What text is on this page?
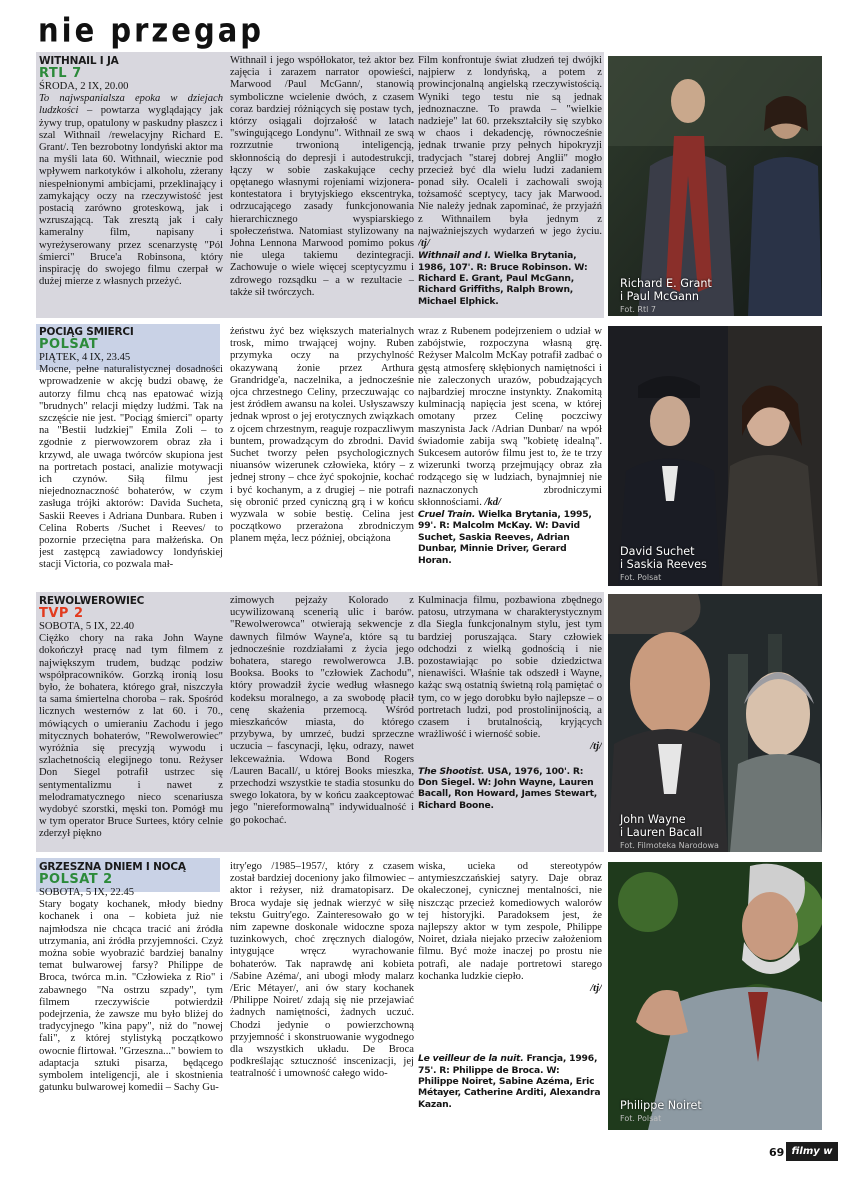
nie przegap
WITHNAIL I JA
RTL 7
ŚRODA, 2 IX, 20.00

To najwspanialsza epoka w dziejach ludzkości – powtarza wyglądający jak żywy trup, opatulony w paskudny płaszcz i szal Withnail /rewelacyjny Richard E. Grant/. Ten bezrobotny londyński aktor ma na myśli lata 60. Withnail, wiecznie pod wpływem narkotyków i alkoholu, zżerany niespełnionymi ambicjami, przeklinający i zamykający oczy na rzeczywistość jest postacią zarówno groteskową, jak i wzruszającą. Tak zresztą jak i cały kameralny film, napisany i wyreżyserowany przez scenarzystę "Pól śmierci" Bruce'a Robinsona, który inspirację do swojego filmu czerpał w dużej mierze z własnych przeżyć.

Withnail i jego współlokator, też aktor bez zajęcia i zarazem narrator opowieści, Marwood /Paul McGann/, stanowią symboliczne wcielenie dwóch, z czasem coraz bardziej różniących się postaw tych, którzy osiągali dojrzałość w latach "swingującego Londynu". Withnail ze swą rozrzutnie trwonioną inteligencją, skłonnością do depresji i autodestrukcji, łączy w sobie zaskakujące cechy opętanego własnymi rojeniami wizjonera-kontestatora i brytyjskiego ekscentryka, odrzucającego zasady funkcjonowania hierarchicznego wyspiarskiego społeczeństwa. Natomiast stylizowany na Johna Lennona Marwood pomimo pokus nie ulega takiemu dezintegracji. Zachowuje o wiele więcej sceptycyzmu i zdrowego rozsądku – a w rezultacie – także sił twórczych.

Film konfrontuje świat złudzeń tej dwójki najpierw z londyńską, a potem z prowincjonalną angielską rzeczywistością. Wyniki tego testu nie są jednak jednoznaczne. To prawda – "wielkie nadzieje" lat 60. przekształciły się szybko w chaos i dekadencję, równocześnie jednak trwanie przy pełnych hipokryzji tradycjach "starej dobrej Anglii" mogło przecież być dla wielu ludzi zadaniem ponad siły. Ocaleli i zachowali swoją tożsamość sceptycy, tacy jak Marwood. Nie należy jednak zapominać, że przyjaźń z Withnailem była jednym z najważniejszych wydarzeń w jego życiu. /tj/

Withnail and I. Wielka Brytania, 1986, 107'. R: Bruce Robinson. W: Richard E. Grant, Paul McGann, Richard Griffiths, Ralph Brown, Michael Elphick.

Richard E. Grant
i Paul McGann
Fot. Rtl 7
POCIĄG ŚMIERCI
POLSAT
PIĄTEK, 4 IX, 23.45

Mocne, pełne naturalistycznej dosadności wprowadzenie w akcję budzi obawę, że autorzy filmu chcą nas epatować wizją "brudnych" relacji między ludźmi. Tak na szczęście nie jest. "Pociąg śmierci" oparty na "Bestii ludzkiej" Emila Zoli – to zgodnie z pierwowzorem obraz zła i krzywd, ale uwaga twórców skupiona jest na portretach postaci, analizie motywacji ich czynów. Siłą filmu jest niejednoznaczność bohaterów, w czym zasługa trójki aktorów: Davida Sucheta, Saskii Reeves i Adriana Dunbara. Ruben i Celina Roberts /Suchet i Reeves/ to pozornie przeciętna para małżeńska. On jest zastępcą zawiadowcy londyńskiej stacji Victoria, co pozwala mał-

żeństwu żyć bez większych materialnych trosk, mimo trwającej wojny. Ruben przymyka oczy na przychylność okazywaną żonie przez Arthura Grandridge'a, naczelnika, a jednocześnie ojca chrzestnego Celiny, przeczuwając co jest źródłem awansu na kolei. Usłyszawszy jednak wprost o jej erotycznych związkach z ojcem chrzestnym, reaguje rozpaczliwym buntem, prowadzącym do zbrodni. David Suchet tworzy pełen psychologicznych niuansów wizerunek człowieka, który – z jednej strony – chce żyć spokojnie, kochać i być kochanym, a z drugiej – nie potrafi się obronić przed cyniczną grą i w końcu wyzwala w sobie bestię. Celina jest początkowo przerażona zbrodniczym planem męża, lecz później, obciążona

wraz z Rubenem podejrzeniem o udział w zabójstwie, rozpoczyna własną grę. Reżyser Malcolm McKay potrafił zadbać o gęstą atmosferę skłębionych namiętności i nie zaleczonych urazów, pobudzających najbardziej mroczne instynkty. Znakomitą kulminacją napięcia jest scena, w której omotany przez Celinę poczciwy maszynista Jack /Adrian Dunbar/ na wpół świadomie zabija swą "kobietę idealną". Sukcesem autorów filmu jest to, że te trzy wizerunki tworzą przejmujący obraz zła rodzącego się w ludziach, bynajmniej nie naznaczonych zbrodniczymi skłonnościami. /kd/

Cruel Train. Wielka Brytania, 1995, 99'. R: Malcolm McKay. W: David Suchet, Saskia Reeves, Adrian Dunbar, Minnie Driver, Gerard Horan.

David Suchet
i Saskia Reeves
Fot. Polsat
REWOLWEROWIEC
TVP 2
SOBOTA, 5 IX, 22.40

Ciężko chory na raka John Wayne dokończył pracę nad tym filmem z największym trudem, budząc podziw współpracowników. Gorzką ironią losu było, że bohatera, którego grał, niszczyła ta sama śmiertelna choroba – rak. Spośród licznych westernów z lat 60. i 70., mówiących o umieraniu Zachodu i jego mitycznych bohaterów, "Rewolwerowiec" wyróżnia się precyzją wywodu i szlachetnością elegijnego tonu. Reżyser Don Siegel potrafił ustrzec się sentymentalizmu i nawet z melodramatycznego nieco scenariusza wydobyć szorstki, męski ton. Pomógł mu w tym operator Bruce Surtees, który celnie zderzył piękno

zimowych pejzaży Kolorado z ucywilizowaną scenerią ulic i barów. "Rewolwerowca" otwierają sekwencje z dawnych filmów Wayne'a, które są tu jednocześnie rozdziałami z życia jego bohatera, starego rewolwerowca J.B. Booksa. Books to "człowiek Zachodu", który prowadził życie według własnego kodeksu moralnego, a za swobodę płacił cenę skażenia przemocą. Wśród mieszkańców miasta, do którego przybywa, by umrzeć, budzi sprzeczne uczucia – fascynacji, lęku, odrazy, nawet lekceważnia. Wdowa Bond Rogers /Lauren Bacall/, u której Books mieszka, przechodzi wszystkie te stadia stosunku do swego lokatora, by w końcu zaakceptować jego "niereformowalną" indywidualność i go pokochać.

Kulminacja filmu, pozbawiona zbędnego patosu, utrzymana w charakterystycznym dla Siegla funkcjonalnym stylu, jest tym bardziej poruszająca. Stary człowiek odchodzi z wielką godnością i nie pozostawiając po sobie dziedzictwa nienawiści. Właśnie tak odszedł i Wayne, każąc swą ostatnią świetną rolą pamiętać o tym, co w jego dorobku było najlepsze – o portretach ludzi, pod prostolinijnością, a czasem i brutalnością, kryjących wrażliwość i wierność sobie.

/tj/

The Shootist. USA, 1976, 100'. R: Don Siegel. W: John Wayne, Lauren Bacall, Ron Howard, James Stewart, Richard Boone.

John Wayne
i Lauren Bacall
Fot. Filmoteka Narodowa
GRZESZNA DNIEM I NOCĄ
POLSAT 2
SOBOTA, 5 IX, 22.45

Stary bogaty kochanek, młody biedny kochanek i ona – kobieta już nie najmłodsza nie chcąca tracić ani źródła utrzymania, ani źródła przyjemności. Czyż można sobie wyobrazić bardziej banalny temat bulwarowej farsy? Philippe de Broca, twórca m.in. "Człowieka z Rio" i zabawnego "Na ostrzu szpady", tym filmem rzeczywiście potwierdził podejrzenia, że zawsze mu było bliżej do tradycyjnego "kina papy", niż do "nowej fali", z której stylistyką początkowo owocnie flirtował. "Grzeszna..." bowiem to adaptacja sztuki pisarza, będącego symbolem inteligencji, ale i skostnienia gatunku bulwarowej komedii – Sachy Gu-

itry'ego /1985–1957/, który z czasem został bardziej doceniony jako filmowiec – aktor i reżyser, niż dramatopisarz. De Broca wydaje się jednak wierzyć w siłę tekstu Guitry'ego. Zainteresowało go w nim zapewne doskonale widoczne spoza tuzinkowych, choć zręcznych dialogów, intygujące wręcz wyrachowanie bohaterów. Tak naprawdę ani kobieta /Sabine Azéma/, ani ubogi młody malarz /Eric Métayer/, ani ów stary kochanek /Philippe Noiret/ zdają się nie przejawiać żadnych namiętności, żadnych uczuć. Chodzi jedynie o powierzchowną przyjemność i skonstruowanie wygodnego dla wszystkich układu. De Broca podkreślając sztuczność inscenizacji, jej teatralność i umowność całego wido-

wiska, ucieka od stereotypów antymieszczańskiej satyry. Daje obraz okaleczonej, cynicznej mentalności, nie niszcząc przecież komediowych walorów tej historyjki. Paradoksem jest, że najlepszy aktor w tym zespole, Philippe Noiret, działa niejako przeciw założeniom filmu. Być może inaczej po prostu nie potrafi, ale nadaje portretowi starego kochanka ludzkie ciepło.

/tj/

Le veilleur de la nuit. Francja, 1996, 75'. R: Philippe de Broca. W: Philippe Noiret, Sabine Azéma, Eric Métayer, Catherine Arditi, Alexandra Kazan.	Philippe Noiret
Fot. Polsat
69 filmy w tv
